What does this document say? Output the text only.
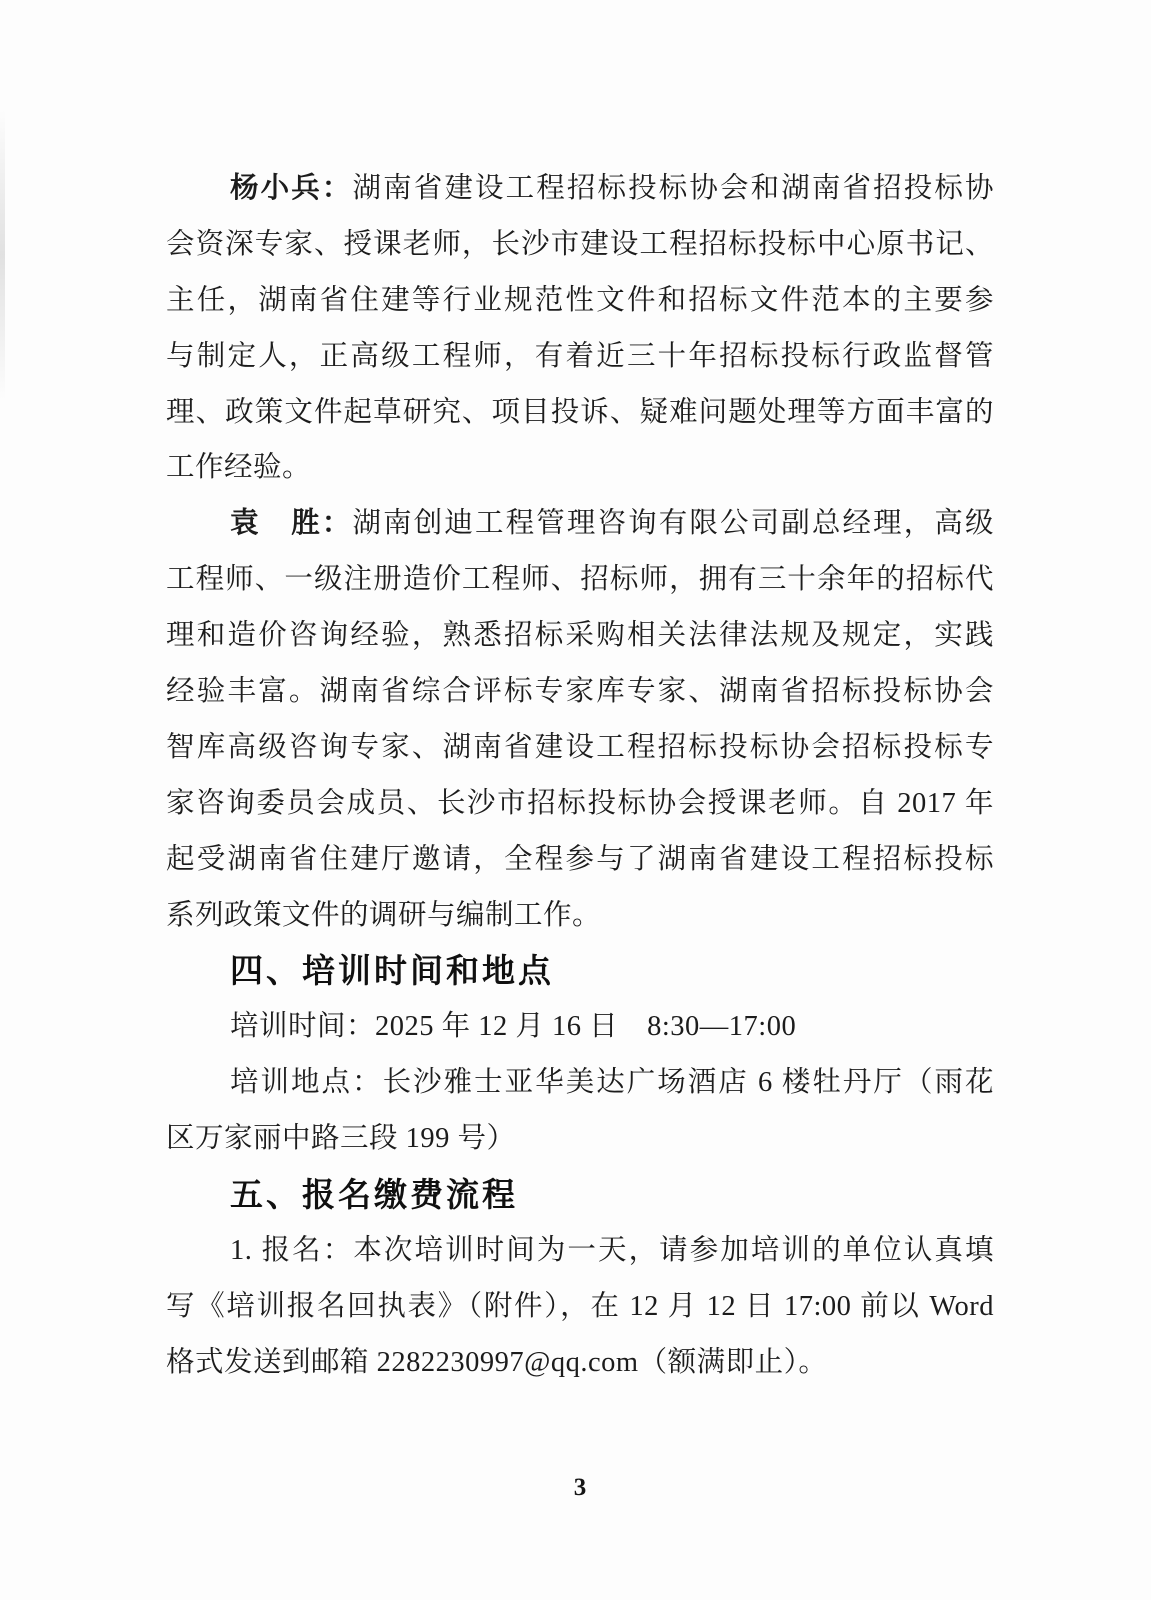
杨小兵：湖南省建设工程招标投标协会和湖南省招投标协
会资深专家、授课老师，长沙市建设工程招标投标中心原书记、
主任，湖南省住建等行业规范性文件和招标文件范本的主要参
与制定人，正高级工程师，有着近三十年招标投标行政监督管
理、政策文件起草研究、项目投诉、疑难问题处理等方面丰富的
工作经验。
袁　胜：湖南创迪工程管理咨询有限公司副总经理，高级
工程师、一级注册造价工程师、招标师，拥有三十余年的招标代
理和造价咨询经验，熟悉招标采购相关法律法规及规定，实践
经验丰富。湖南省综合评标专家库专家、湖南省招标投标协会
智库高级咨询专家、湖南省建设工程招标投标协会招标投标专
家咨询委员会成员、长沙市招标投标协会授课老师。自 2017 年
起受湖南省住建厅邀请，全程参与了湖南省建设工程招标投标
系列政策文件的调研与编制工作。
四、培训时间和地点
培训时间：2025 年 12 月 16 日　8:30—17:00
培训地点：长沙雅士亚华美达广场酒店 6 楼牡丹厅（雨花
区万家丽中路三段 199 号）
五、报名缴费流程
1. 报名：本次培训时间为一天，请参加培训的单位认真填
写《培训报名回执表》（附件），在 12 月 12 日 17:00 前以 Word
格式发送到邮箱 2282230997@qq.com（额满即止）。
3
